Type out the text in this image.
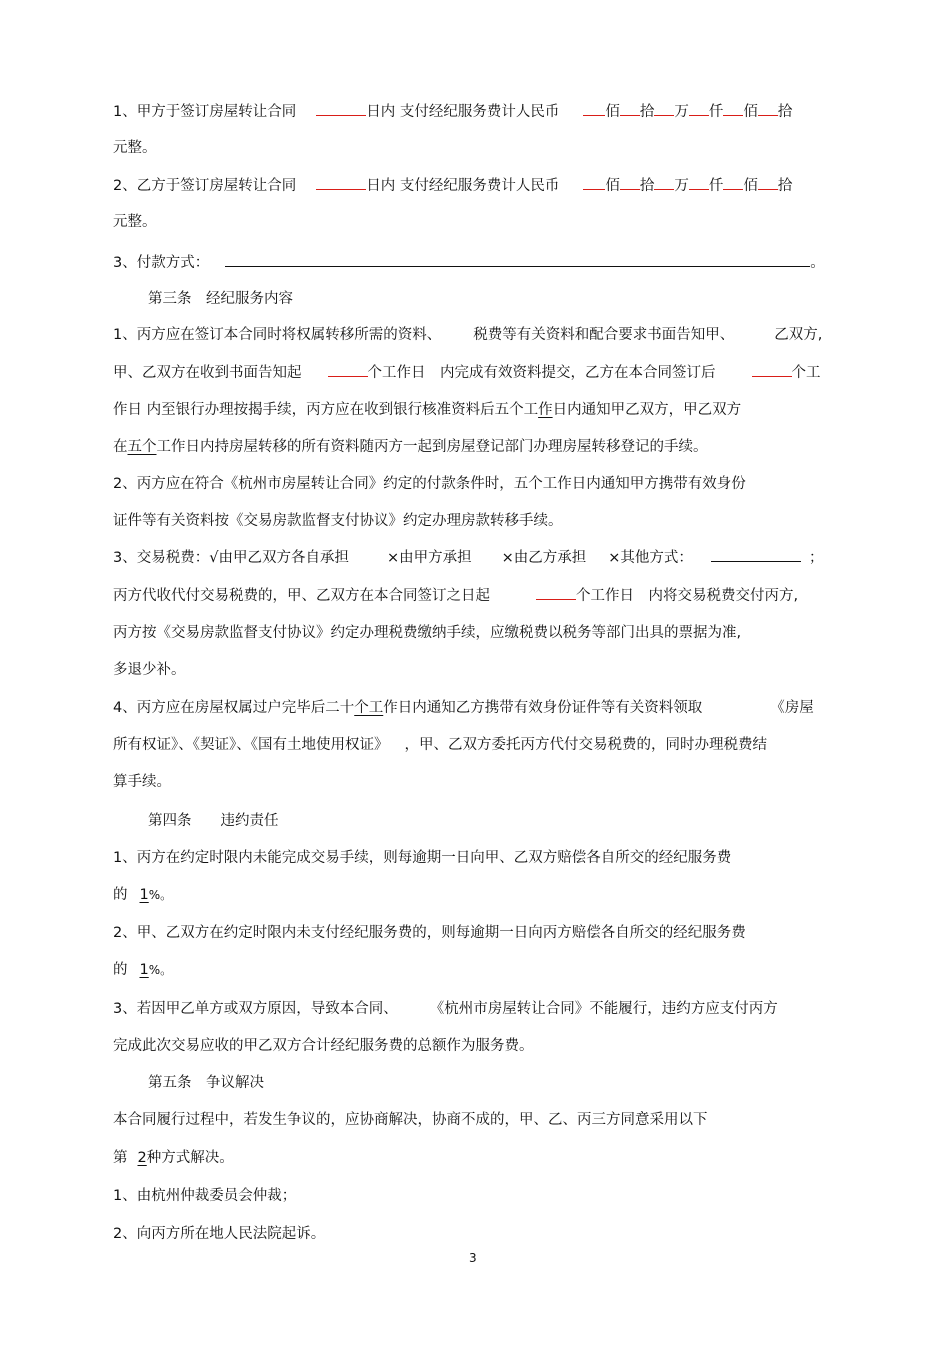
1、甲方于签订房屋转让合同	日内 支付经纪服务费计人民币	佰 拾 万 仟 佰 拾
元整。
2、乙方于签订房屋转让合同	日内 支付经纪服务费计人民币	佰 拾 万 仟 佰 拾
元整。
3、付款方式：	。
第三条　经纪服务内容
1、丙方应在签订本合同时将权属转移所需的资料、 税费等有关资料和配合要求书面告知甲、	乙双方,
甲、乙双方在收到书面告知起	个工作日　内完成有效资料提交，乙方在本合同签订后	个工
作日 内至银行办理按揭手续，丙方应在收到银行核准资料后五个工作日内通知甲乙双方，甲乙双方
在五个工作日内持房屋转移的所有资料随丙方一起到房屋登记部门办理房屋转移登记的手续。
2、丙方应在符合《杭州市房屋转让合同》约定的付款条件时，五个工作日内通知甲方携带有效身份
证件等有关资料按《交易房款监督支付协议》约定办理房款转移手续。
3、交易税费：√由甲乙双方各自承担	×由甲方承担 ×由乙方承担 ×其他方式：	；
丙方代收代付交易税费的，甲、乙双方在本合同签订之日起	个工作日　内将交易税费交付丙方,
丙方按《交易房款监督支付协议》约定办理税费缴纳手续，应缴税费以税务等部门出具的票据为准,
多退少补。
4、丙方应在房屋权属过户完毕后二十个工作日内通知乙方携带有效身份证件等有关资料领取	《房屋
所有权证》、《契证》、《国有土地使用权证》 ，甲、乙双方委托丙方代付交易税费的，同时办理税费结
算手续。
第四条　　违约责任
1、丙方在约定时限内未能完成交易手续，则每逾期一日向甲、乙双方赔偿各自所交的经纪服务费
的 1%。
2、甲、乙双方在约定时限内未支付经纪服务费的，则每逾期一日向丙方赔偿各自所交的经纪服务费
的 1%。
3、若因甲乙单方或双方原因，导致本合同、 《杭州市房屋转让合同》不能履行，违约方应支付丙方
完成此次交易应收的甲乙双方合计经纪服务费的总额作为服务费。
第五条　争议解决
本合同履行过程中，若发生争议的，应协商解决，协商不成的，甲、乙、丙三方同意采用以下
第 2种方式解决。
1、由杭州仲裁委员会仲裁；
2、向丙方所在地人民法院起诉。
3
